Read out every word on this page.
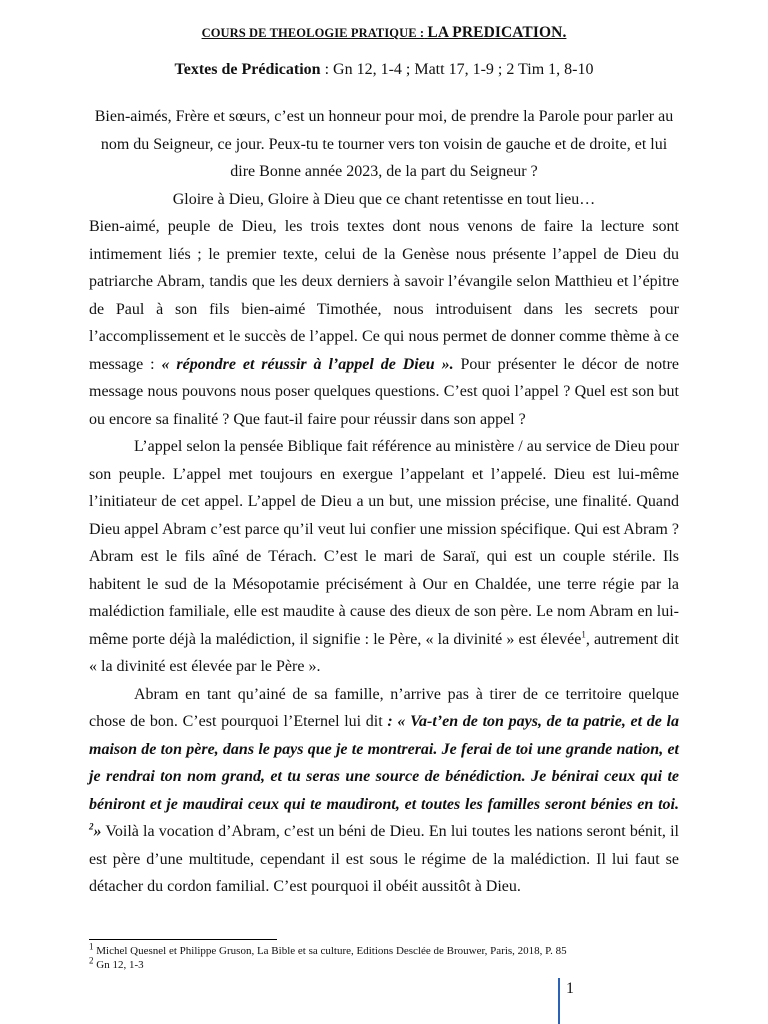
COURS DE THEOLOGIE PRATIQUE : LA PREDICATION.
Textes de Prédication : Gn 12, 1-4 ; Matt 17, 1-9 ; 2 Tim 1, 8-10

Bien-aimés, Frère et sœurs, c’est un honneur pour moi, de prendre la Parole pour parler au nom du Seigneur, ce jour. Peux-tu te tourner vers ton voisin de gauche et de droite, et lui dire Bonne année 2023, de la part du Seigneur ?

Gloire à Dieu, Gloire à Dieu que ce chant retentisse en tout lieu…

Bien-aimé, peuple de Dieu, les trois textes dont nous venons de faire la lecture sont intimement liés ; le premier texte, celui de la Genèse nous présente l’appel de Dieu du patriarche Abram, tandis que les deux derniers à savoir l’évangile selon Matthieu et l’épitre de Paul à son fils bien-aimé Timothée, nous introduisent dans les secrets pour l’accomplissement et le succès de l’appel. Ce qui nous permet de donner comme thème à ce message : « répondre et réussir à l’appel de Dieu ». Pour présenter le décor de notre message nous pouvons nous poser quelques questions. C’est quoi l’appel ? Quel est son but ou encore sa finalité ? Que faut-il faire pour réussir dans son appel ?

L’appel selon la pensée Biblique fait référence au ministère / au service de Dieu pour son peuple. L’appel met toujours en exergue l’appelant et l’appelé. Dieu est lui-même l’initiateur de cet appel. L’appel de Dieu a un but, une mission précise, une finalité. Quand Dieu appel Abram c’est parce qu’il veut lui confier une mission spécifique. Qui est Abram ? Abram est le fils aîné de Térach. C’est le mari de Saraï, qui est un couple stérile. Ils habitent le sud de la Mésopotamie précisément à Our en Chaldée, une terre régie par la malédiction familiale, elle est maudite à cause des dieux de son père. Le nom Abram en lui-même porte déjà la malédiction, il signifie : le Père, « la divinité » est élevée$^1$, autrement dit « la divinité est élevée par le Père ».

Abram en tant qu’ainé de sa famille, n’arrive pas à tirer de ce territoire quelque chose de bon. C’est pourquoi l’Eternel lui dit : « Va-t’en de ton pays, de ta patrie, et de la maison de ton père, dans le pays que je te montrerai. Je ferai de toi une grande nation, et je rendrai ton nom grand, et tu seras une source de bénédiction. Je bénirai ceux qui te béniront et je maudirai ceux qui te maudiront, et toutes les familles seront bénies en toi. $^2$» Voilà la vocation d’Abram, c’est un béni de Dieu. En lui toutes les nations seront bénit, il est père d’une multitude, cependant il est sous le régime de la malédiction. Il lui faut se détacher du cordon familial. C’est pourquoi il obéit aussitôt à Dieu.

$^1$ Michel Quesnel et Philippe Gruson, La Bible et sa culture, Editions Desclée de Brouwer, Paris, 2018, P. 85

$^2$ Gn 12, 1-3

1
